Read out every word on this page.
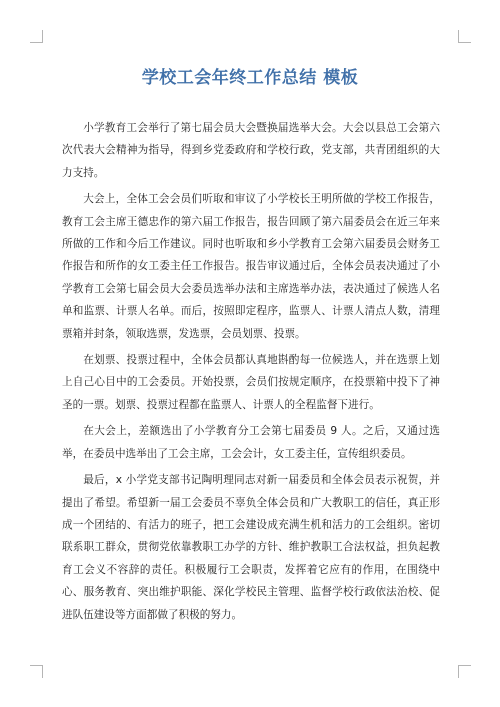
学校工会年终工作总结 模板

小学教育工会举行了第七届会员大会暨换届选举大会。大会以县总工会第六次代表大会精神为指导，得到乡党委政府和学校行政，党支部，共青团组织的大力支持。

大会上，全体工会会员们听取和审议了小学校长王明所做的学校工作报告，教育工会主席王德忠作的第六届工作报告，报告回顾了第六届委员会在近三年来所做的工作和今后工作建议。同时也听取和乡小学教育工会第六届委员会财务工作报告和所作的女工委主任工作报告。报告审议通过后，全体会员表决通过了小学教育工会第七届会员大会委员选举办法和主席选举办法，表决通过了候选人名单和监票、计票人名单。而后，按照即定程序，监票人、计票人清点人数，清理票箱并封条，领取选票，发选票，会员划票、投票。

在划票、投票过程中，全体会员都认真地斟酌每一位候选人，并在选票上划上自己心目中的工会委员。开始投票，会员们按规定顺序，在投票箱中投下了神圣的一票。划票、投票过程都在监票人、计票人的全程监督下进行。

在大会上，差额选出了小学教育分工会第七届委员 9 人。之后，又通过选举，在委员中选举出了工会主席，工会会计，女工委主任，宣传组织委员。

最后，x 小学党支部书记陶明理同志对新一届委员和全体会员表示祝贺，并提出了希望。希望新一届工会委员不辜负全体会员和广大教职工的信任，真正形成一个团结的、有活力的班子，把工会建设成充满生机和活力的工会组织。密切联系职工群众，贯彻党依靠教职工办学的方针、维护教职工合法权益，担负起教育工会义不容辞的责任。积极履行工会职责，发挥着它应有的作用，在围绕中心、服务教育、突出维护职能、深化学校民主管理、监督学校行政依法治校、促进队伍建设等方面都做了积极的努力。
